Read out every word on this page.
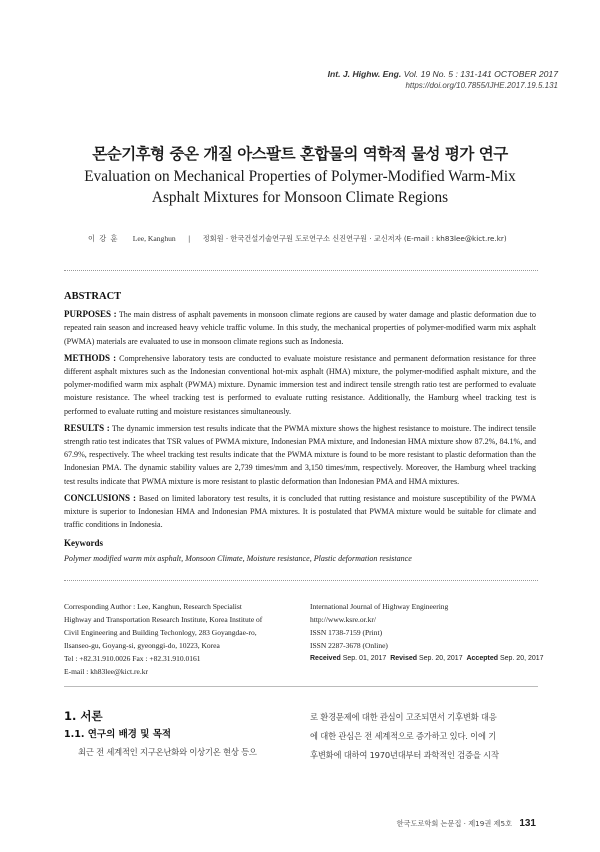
Int. J. Highw. Eng. Vol. 19 No. 5 : 131-141 OCTOBER 2017
https://doi.org/10.7855/IJHE.2017.19.5.131
몬순기후형 중온 개질 아스팔트 혼합물의 역학적 물성 평가 연구
Evaluation on Mechanical Properties of Polymer-Modified Warm-Mix
Asphalt Mixtures for Monsoon Climate Regions
이 강 훈 Lee, Kanghun | 정회원 · 한국건설기술연구원 도로연구소 신진연구원 · 교신저자 (E-mail : kh83lee@kict.re.kr)
ABSTRACT

PURPOSES : The main distress of asphalt pavements in monsoon climate regions are caused by water damage and plastic deformation due to repeated rain season and increased heavy vehicle traffic volume. In this study, the mechanical properties of polymer-modified warm mix asphalt (PWMA) materials are evaluated to use in monsoon climate regions such as Indonesia.

METHODS : Comprehensive laboratory tests are conducted to evaluate moisture resistance and permanent deformation resistance for three different asphalt mixtures such as the Indonesian conventional hot-mix asphalt (HMA) mixture, the polymer-modified asphalt mixture, and the polymer-modified warm mix asphalt (PWMA) mixture. Dynamic immersion test and indirect tensile strength ratio test are performed to evaluate moisture resistance. The wheel tracking test is performed to evaluate rutting resistance. Additionally, the Hamburg wheel tracking test is performed to evaluate rutting and moisture resistances simultaneously.

RESULTS : The dynamic immersion test results indicate that the PWMA mixture shows the highest resistance to moisture. The indirect tensile strength ratio test indicates that TSR values of PWMA mixture, Indonesian PMA mixture, and Indonesian HMA mixture show 87.2%, 84.1%, and 67.9%, respectively. The wheel tracking test results indicate that the PWMA mixture is found to be more resistant to plastic deformation than the Indonesian PMA. The dynamic stability values are 2,739 times/mm and 3,150 times/mm, respectively. Moreover, the Hamburg wheel tracking test results indicate that PWMA mixture is more resistant to plastic deformation than Indonesian PMA and HMA mixtures.

CONCLUSIONS : Based on limited laboratory test results, it is concluded that rutting resistance and moisture susceptibility of the PWMA mixture is superior to Indonesian HMA and Indonesian PMA mixtures. It is postulated that PWMA mixture would be suitable for climate and traffic conditions in Indonesia.

Keywords

Polymer modified warm mix asphalt, Monsoon Climate, Moisture resistance, Plastic deformation resistance

Corresponding Author : Lee, Kanghun, Research Specialist
Highway and Transportation Research Institute, Korea Institute of
Civil Engineering and Building Techonlogy, 283 Goyangdae-ro,
Ilsanseo-gu, Goyang-si, gyeonggi-do, 10223, Korea
Tel : +82.31.910.0026 Fax : +82.31.910.0161
E-mail : kh83lee@kict.re.kr
International Journal of Highway Engineering
http://www.ksre.or.kr/
ISSN 1738-7159 (Print)
ISSN 2287-3678 (Online)
Received Sep. 01, 2017 Revised Sep. 20, 2017 Accepted Sep. 20, 2017
1. 서론
1.1. 연구의 배경 및 목적
최근 전 세계적인 지구온난화와 이상기온 현상 등으
로 환경문제에 대한 관심이 고조되면서 기후변화 대응
에 대한 관심은 전 세계적으로 증가하고 있다. 이에 기
후변화에 대하여 1970년대부터 과학적인 검증을 시작
한국도로학회 논문집 · 제19권 제5호 131
